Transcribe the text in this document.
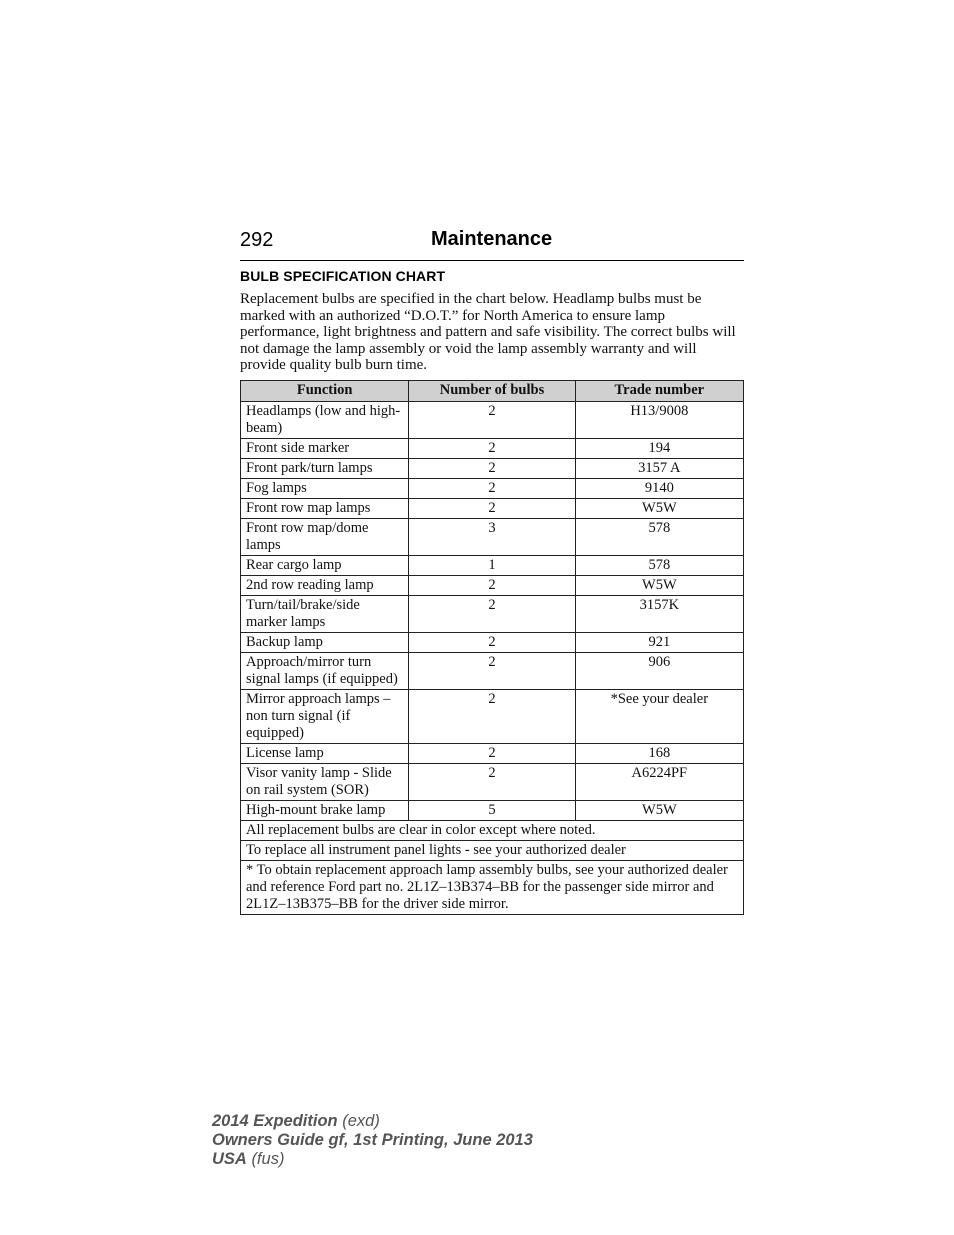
292	Maintenance
BULB SPECIFICATION CHART
Replacement bulbs are specified in the chart below. Headlamp bulbs must be marked with an authorized “D.O.T.” for North America to ensure lamp performance, light brightness and pattern and safe visibility. The correct bulbs will not damage the lamp assembly or void the lamp assembly warranty and will provide quality bulb burn time.
Function	Number of bulbs	Trade number
Headlamps (low and high-beam)	2	H13/9008
Front side marker	2	194
Front park/turn lamps	2	3157 A
Fog lamps	2	9140
Front row map lamps	2	W5W
Front row map/dome lamps	3	578
Rear cargo lamp	1	578
2nd row reading lamp	2	W5W
Turn/tail/brake/side marker lamps	2	3157K
Backup lamp	2	921
Approach/mirror turn signal lamps (if equipped)	2	906
Mirror approach lamps – non turn signal (if equipped)	2	*See your dealer
License lamp	2	168
Visor vanity lamp - Slide on rail system (SOR)	2	A6224PF
High-mount brake lamp	5	W5W
All replacement bulbs are clear in color except where noted.		
To replace all instrument panel lights - see your authorized dealer		
* To obtain replacement approach lamp assembly bulbs, see your authorized dealer and reference Ford part no. 2L1Z–13B374–BB for the passenger side mirror and 2L1Z–13B375–BB for the driver side mirror.		
2014 Expedition (exd)
Owners Guide gf, 1st Printing, June 2013
USA (fus)
